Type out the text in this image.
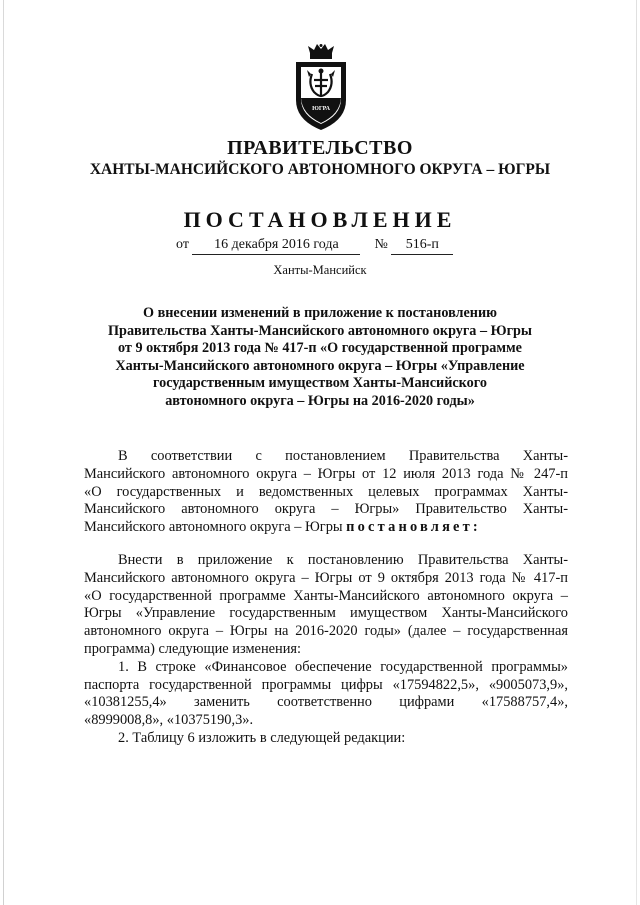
ЮГРА
ПРАВИТЕЛЬСТВО
ХАНТЫ-МАНСИЙСКОГО АВТОНОМНОГО ОКРУГА – ЮГРЫ
ПОСТАНОВЛЕНИЕ
от 16 декабря 2016 года	№ 516-п
Ханты-Мансийск
О внесении изменений в приложение к постановлению
Правительства Ханты-Мансийского автономного округа – Югры
от 9 октября 2013 года № 417-п «О государственной программе
Ханты-Мансийского автономного округа – Югры «Управление
государственным имуществом Ханты-Мансийского
автономного округа – Югры на 2016-2020 годы»
В соответствии с постановлением Правительства Ханты-
Мансийского автономного округа – Югры от 12 июля 2013 года № 247-п
«О государственных и ведомственных целевых программах Ханты-
Мансийского автономного округа – Югры» Правительство Ханты-
Мансийского автономного округа – Югры постановляет:
Внести в приложение к постановлению Правительства Ханты-
Мансийского автономного округа – Югры от 9 октября 2013 года № 417-п
«О государственной программе Ханты-Мансийского автономного округа –
Югры «Управление государственным имуществом Ханты-Мансийского
автономного округа – Югры на 2016-2020 годы» (далее – государственная
программа) следующие изменения:
1. В строке «Финансовое обеспечение государственной программы»
паспорта государственной программы цифры «17594822,5», «9005073,9»,
«10381255,4» заменить соответственно цифрами «17588757,4»,
«8999008,8», «10375190,3».
2. Таблицу 6 изложить в следующей редакции:
